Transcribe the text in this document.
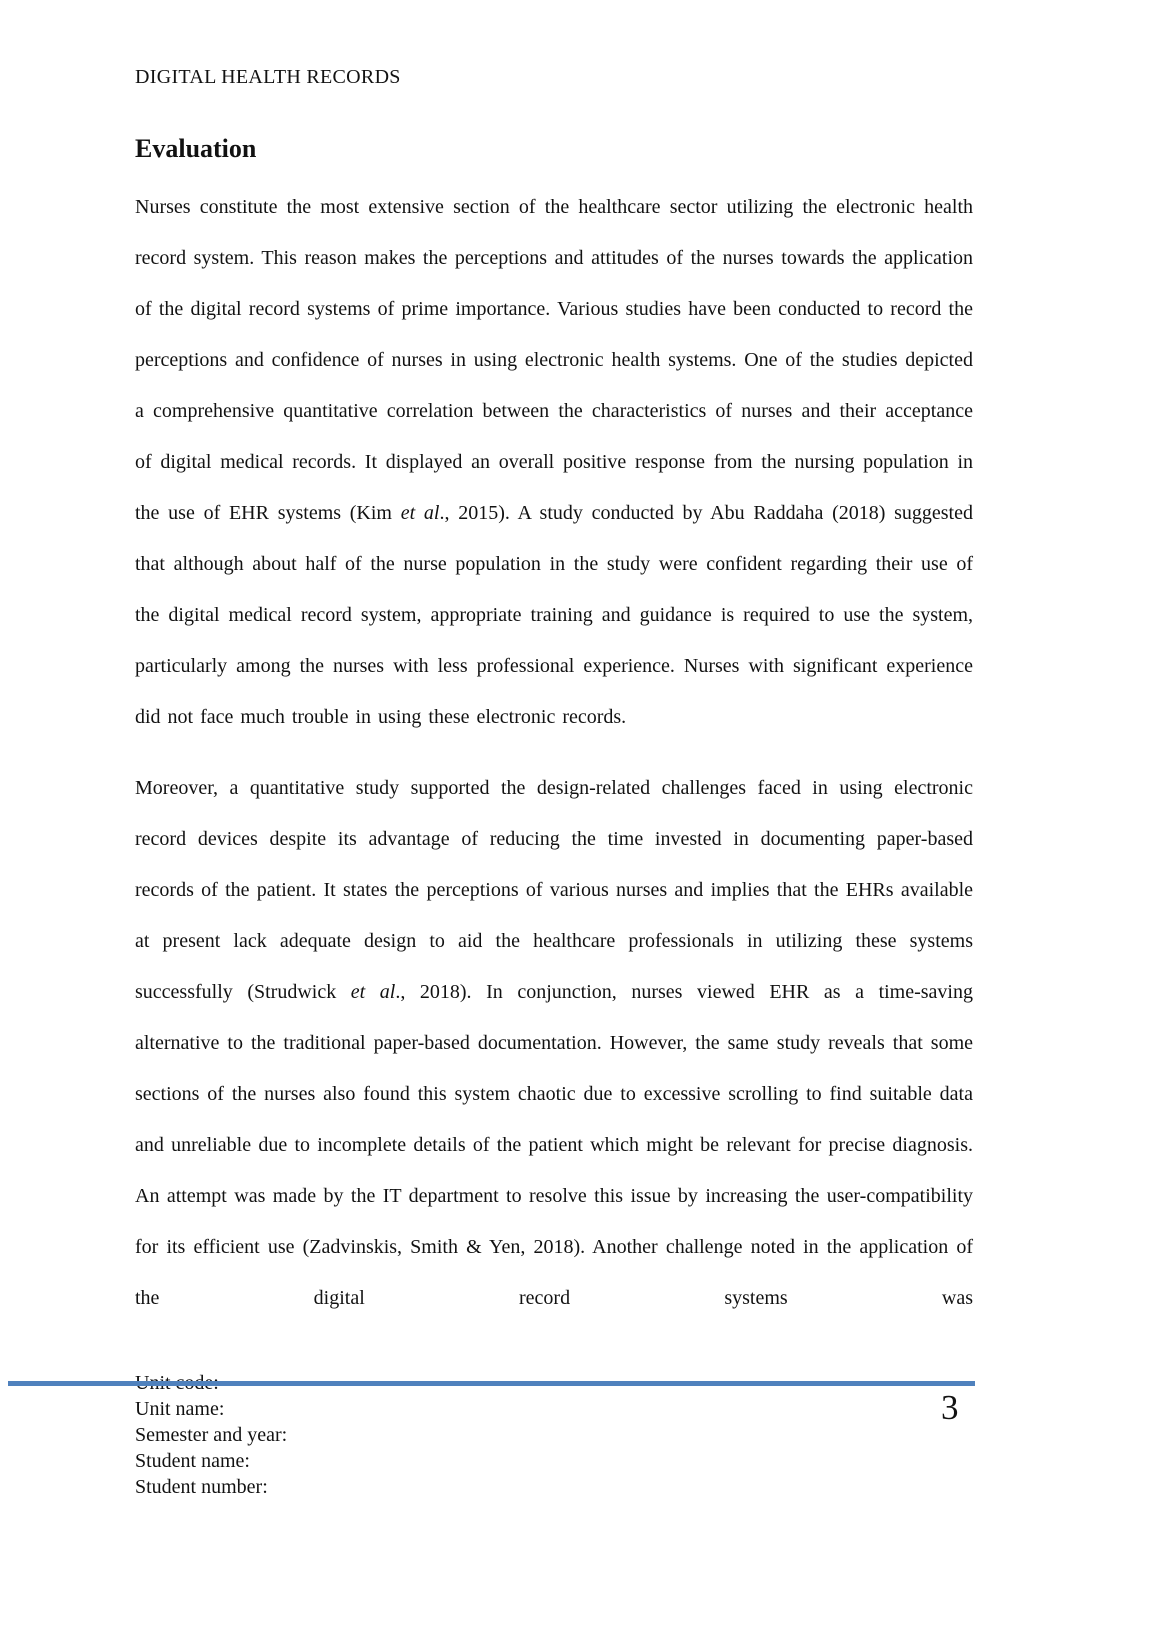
DIGITAL HEALTH RECORDS
Evaluation

Nurses constitute the most extensive section of the healthcare sector utilizing the electronic health record system. This reason makes the perceptions and attitudes of the nurses towards the application of the digital record systems of prime importance. Various studies have been conducted to record the perceptions and confidence of nurses in using electronic health systems. One of the studies depicted a comprehensive quantitative correlation between the characteristics of nurses and their acceptance of digital medical records. It displayed an overall positive response from the nursing population in the use of EHR systems (Kim et al., 2015). A study conducted by Abu Raddaha (2018) suggested that although about half of the nurse population in the study were confident regarding their use of the digital medical record system, appropriate training and guidance is required to use the system, particularly among the nurses with less professional experience. Nurses with significant experience did not face much trouble in using these electronic records.

Moreover, a quantitative study supported the design-related challenges faced in using electronic record devices despite its advantage of reducing the time invested in documenting paper-based records of the patient. It states the perceptions of various nurses and implies that the EHRs available at present lack adequate design to aid the healthcare professionals in utilizing these systems successfully (Strudwick et al., 2018). In conjunction, nurses viewed EHR as a time-saving alternative to the traditional paper-based documentation. However, the same study reveals that some sections of the nurses also found this system chaotic due to excessive scrolling to find suitable data and unreliable due to incomplete details of the patient which might be relevant for precise diagnosis. An attempt was made by the IT department to resolve this issue by increasing the user-compatibility for its efficient use (Zadvinskis, Smith & Yen, 2018). Another challenge noted in the application of the digital record systems was

Unit name:
Semester and year:
Student name:
Student number:
3
